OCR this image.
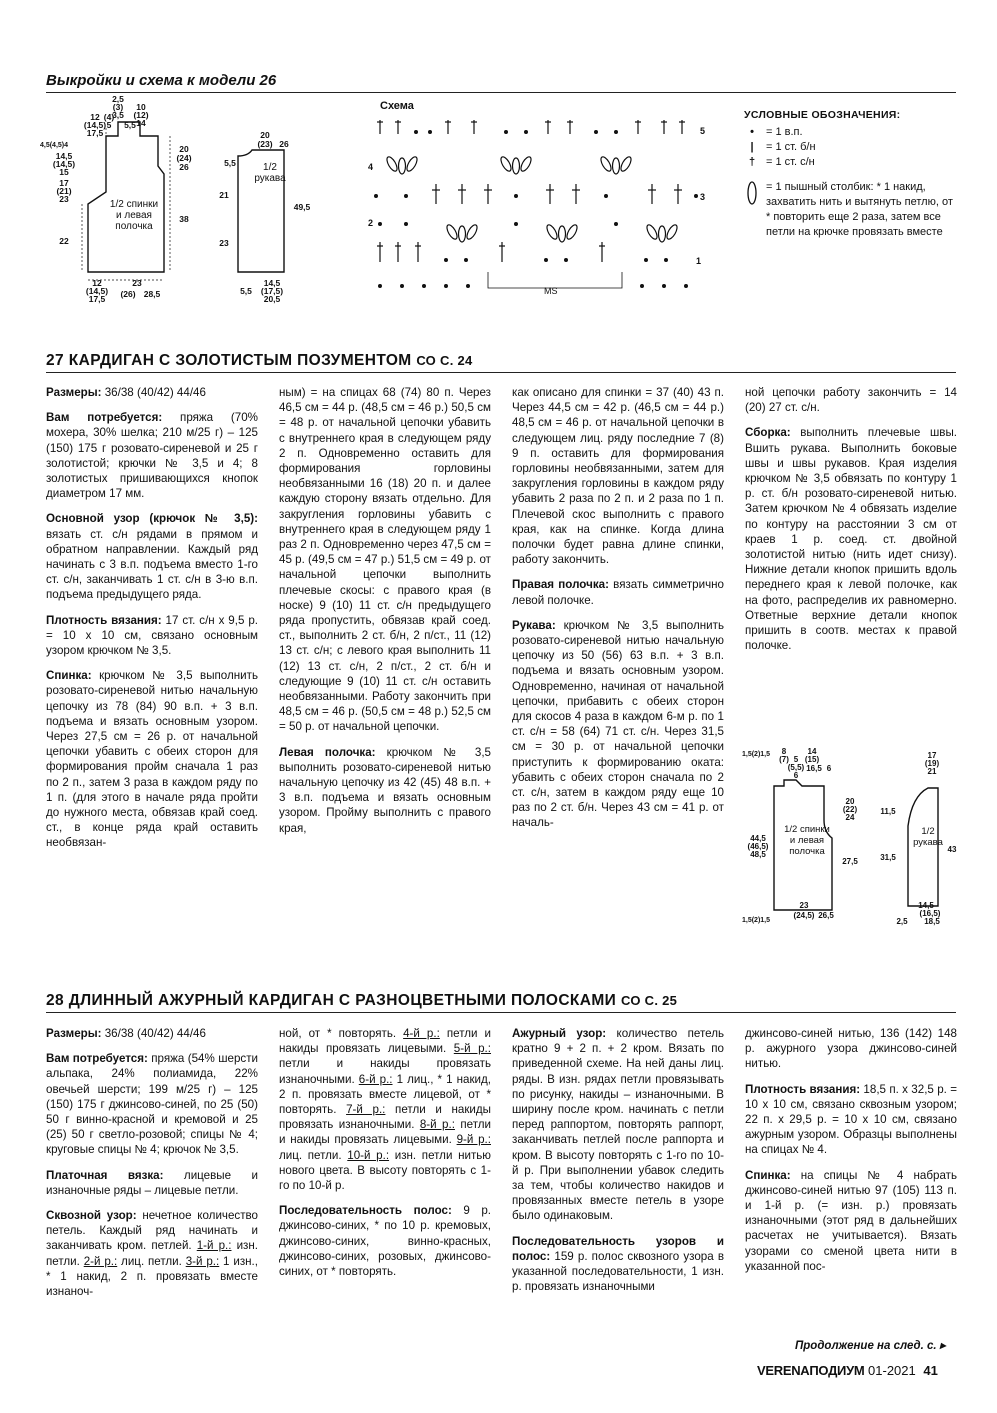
Выкройки и схема к модели 26
2,5
(3)
3,5
10
(12)
14
12
(14,5)
(4)
5 5,5
17,5
4,5(4,5)4
14,5
(14,5)
15
17
(21)
23
22
20
(24)
26
38
12
(14,5)
17,5
23
(26) 28,5
1/2 спинки и левая полочка
20
(23)
5,5
21
23
14,5
(17,5)
20,5
5,5
1/2 рукава
26
49,5
Схема
5
4
3
2
1
MS
УСЛОВНЫЕ ОБОЗНАЧЕНИЯ:
•	= 1 в.п.
|	= 1 ст. б/н
† = 1 ст. с/н
= 1 пышный столбик: * 1 накид, захватить нить и вытянуть петлю, от * повторить еще 2 раза, затем все петли на крючке провязать вместе
27 КАРДИГАН С ЗОЛОТИСТЫМ ПОЗУМЕНТОМ СО С. 24

Размеры: 36/38 (40/42) 44/46

Вам потребуется: пряжа (70% мохера, 30% шелка; 210 м/25 г) – 125 (150) 175 г розовато-сиреневой и 25 г золотистой; крючки № 3,5 и 4; 8 золотистых пришивающихся кнопок диаметром 17 мм.

Основной узор (крючок № 3,5): вязать ст. с/н рядами в прямом и обратном направлении. Каждый ряд начинать с 3 в.п. подъема вместо 1-го ст. с/н, заканчивать 1 ст. с/н в 3-ю в.п. подъема предыдущего ряда.

Плотность вязания: 17 ст. с/н х 9,5 р. = 10 х 10 см, связано основным узором крючком № 3,5.

Спинка: крючком № 3,5 выполнить розовато-сиреневой нитью начальную цепочку из 78 (84) 90 в.п. + 3 в.п. подъема и вязать основным узором. Через 27,5 см = 26 р. от начальной цепочки убавить с обеих сторон для формирования пройм сначала 1 раз по 2 п., затем 3 раза в каждом ряду по 1 п. (для этого в начале ряда пройти до нужного места, обвязав край соед. ст., в конце ряда край оставить необвязан-

ным) = на спицах 68 (74) 80 п. Через 46,5 см = 44 р. (48,5 см = 46 р.) 50,5 см = 48 р. от начальной цепочки убавить с внутреннего края в следующем ряду 2 п. Одновременно оставить для формирования горловины необвязанными 16 (18) 20 п. и далее каждую сторону вязать отдельно. Для закругления горловины убавить с внутреннего края в следующем ряду 1 раз 2 п. Одновременно через 47,5 см = 45 р. (49,5 см = 47 р.) 51,5 см = 49 р. от начальной цепочки выполнить плечевые скосы: с правого края (в носке) 9 (10) 11 ст. с/н предыдущего ряда пропустить, обвязав край соед. ст., выполнить 2 ст. б/н, 2 п/ст., 11 (12) 13 ст. с/н; с левого края выполнить 11 (12) 13 ст. с/н, 2 п/ст., 2 ст. б/н и следующие 9 (10) 11 ст. с/н оставить необвязанными. Работу закончить при 48,5 см = 46 р. (50,5 см = 48 р.) 52,5 см = 50 р. от начальной цепочки.

Левая полочка: крючком № 3,5 выполнить розовато-сиреневой нитью начальную цепочку из 42 (45) 48 в.п. + 3 в.п. подъема и вязать основным узором. Пройму выполнить с правого края,

как описано для спинки = 37 (40) 43 п. Через 44,5 см = 42 р. (46,5 см = 44 р.) 48,5 см = 46 р. от начальной цепочки в следующем лиц. ряду последние 7 (8) 9 п. оставить для формирования горловины необвязанными, затем для закругления горловины в каждом ряду убавить 2 раза по 2 п. и 2 раза по 1 п. Плечевой скос выполнить с правого края, как на спинке. Когда длина полочки будет равна длине спинки, работу закончить.

Правая полочка: вязать симметрично левой полочке.

Рукава: крючком № 3,5 выполнить розовато-сиреневой нитью начальную цепочку из 50 (56) 63 в.п. + 3 в.п. подъема и вязать основным узором. Одновременно, начиная от начальной цепочки, прибавить с обеих сторон для скосов 4 раза в каждом 6-м р. по 1 ст. с/н = 58 (64) 71 ст. с/н. Через 31,5 см = 30 р. от начальной цепочки приступить к формированию оката: убавить с обеих сторон сначала по 2 ст. с/н, затем в каждом ряду еще 10 раз по 2 ст. б/н. Через 43 см = 41 р. от началь-

ной цепочки работу закончить = 14 (20) 27 ст. с/н.

Сборка: выполнить плечевые швы. Вшить рукава. Выполнить боковые швы и швы рукавов. Края изделия крючком № 3,5 обвязать по контуру 1 р. ст. б/н розовато-сиреневой нитью. Затем крючком № 4 обвязать изделие по контуру на расстоянии 3 см от краев 1 р. соед. ст. двойной золотистой нитью (нить идет снизу). Нижние детали кнопок пришить вдоль переднего края к левой полочке, как на фото, распределив их равномерно. Ответные верхние детали кнопок пришить в соотв. местах к правой полочке.

1,5(2)1,5 8
(7) 5
(5,5)
6
14
(15)
16,5 6
44,5
(46,5)
48,5
20
(22)
24
27,5
23
(24,5) 26,5
1,5(2)1,5
1/2 спинки и левая полочка
17
(19)
21
11,5
31,5
43
14,5
(16,5)
18,5
2,5
1/2 рукава
28 ДЛИННЫЙ АЖУРНЫЙ КАРДИГАН С РАЗНОЦВЕТНЫМИ ПОЛОСКАМИ СО С. 25

Размеры: 36/38 (40/42) 44/46

Вам потребуется: пряжа (54% шерсти альпака, 24% полиамида, 22% овечьей шерсти; 199 м/25 г) – 125 (150) 175 г джинсово-синей, по 25 (50) 50 г винно-красной и кремовой и 25 (25) 50 г светло-розовой; спицы № 4; круговые спицы № 4; крючок № 3,5.

Платочная вязка: лицевые и изнаночные ряды – лицевые петли.

Сквозной узор: нечетное количество петель. Каждый ряд начинать и заканчивать кром. петлей. 1-й р.: изн. петли. 2-й р.: лиц. петли. 3-й р.: 1 изн., * 1 накид, 2 п. провязать вместе изнаноч-

ной, от * повторять. 4-й р.: петли и накиды провязать лицевыми. 5-й р.: петли и накиды провязать изнаночными. 6-й р.: 1 лиц., * 1 накид, 2 п. провязать вместе лицевой, от * повторять. 7-й р.: петли и накиды провязать изнаночными. 8-й р.: петли и накиды провязать лицевыми. 9-й р.: лиц. петли. 10-й р.: изн. петли нитью нового цвета. В высоту повторять с 1-го по 10-й р.

Последовательность полос: 9 р. джинсово-синих, * по 10 р. кремовых, джинсово-синих, винно-красных, джинсово-синих, розовых, джинсово-синих, от * повторять.

Ажурный узор: количество петель кратно 9 + 2 п. + 2 кром. Вязать по приведенной схеме. На ней даны лиц. ряды. В изн. рядах петли провязывать по рисунку, накиды – изнаночными. В ширину после кром. начинать с петли перед раппортом, повторять раппорт, заканчивать петлей после раппорта и кром. В высоту повторять с 1-го по 10-й р. При выполнении убавок следить за тем, чтобы количество накидов и провязанных вместе петель в узоре было одинаковым.

Последовательность узоров и полос: 159 р. полос сквозного узора в указанной последовательности, 1 изн. р. провязать изнаночными

джинсово-синей нитью, 136 (142) 148 р. ажурного узора джинсово-синей нитью.

Плотность вязания: 18,5 п. х 32,5 р. = 10 х 10 см, связано сквозным узором; 22 п. х 29,5 р. = 10 х 10 см, связано ажурным узором. Образцы выполнены на спицах № 4.

Спинка: на спицы № 4 набрать джинсово-синей нитью 97 (105) 113 п. и 1-й р. (= изн. р.) провязать изнаночными (этот ряд в дальнейших расчетах не учитывается). Вязать узорами со сменой цвета нити в указанной пос-

Продолжение на след. с. ▸
VERENAПОДИУМ 01-2021 41
